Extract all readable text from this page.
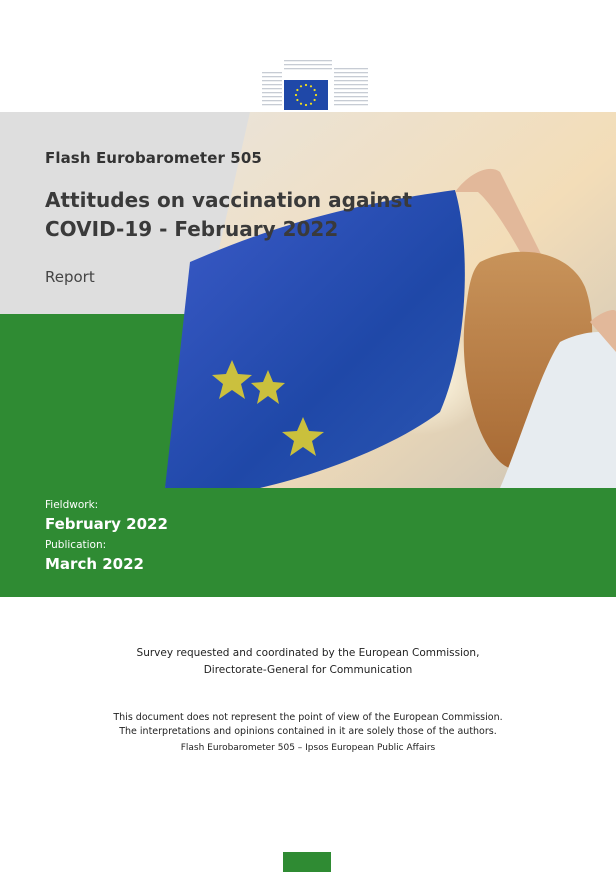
Flash Eurobarometer 505
Attitudes on vaccination against
COVID-19 - February 2022
Report
Fieldwork:
February 2022
Publication:
March 2022
Survey requested and coordinated by the European Commission,
Directorate-General for Communication
This document does not represent the point of view of the European Commission.
The interpretations and opinions contained in it are solely those of the authors.
Flash Eurobarometer 505 – Ipsos European Public Affairs
